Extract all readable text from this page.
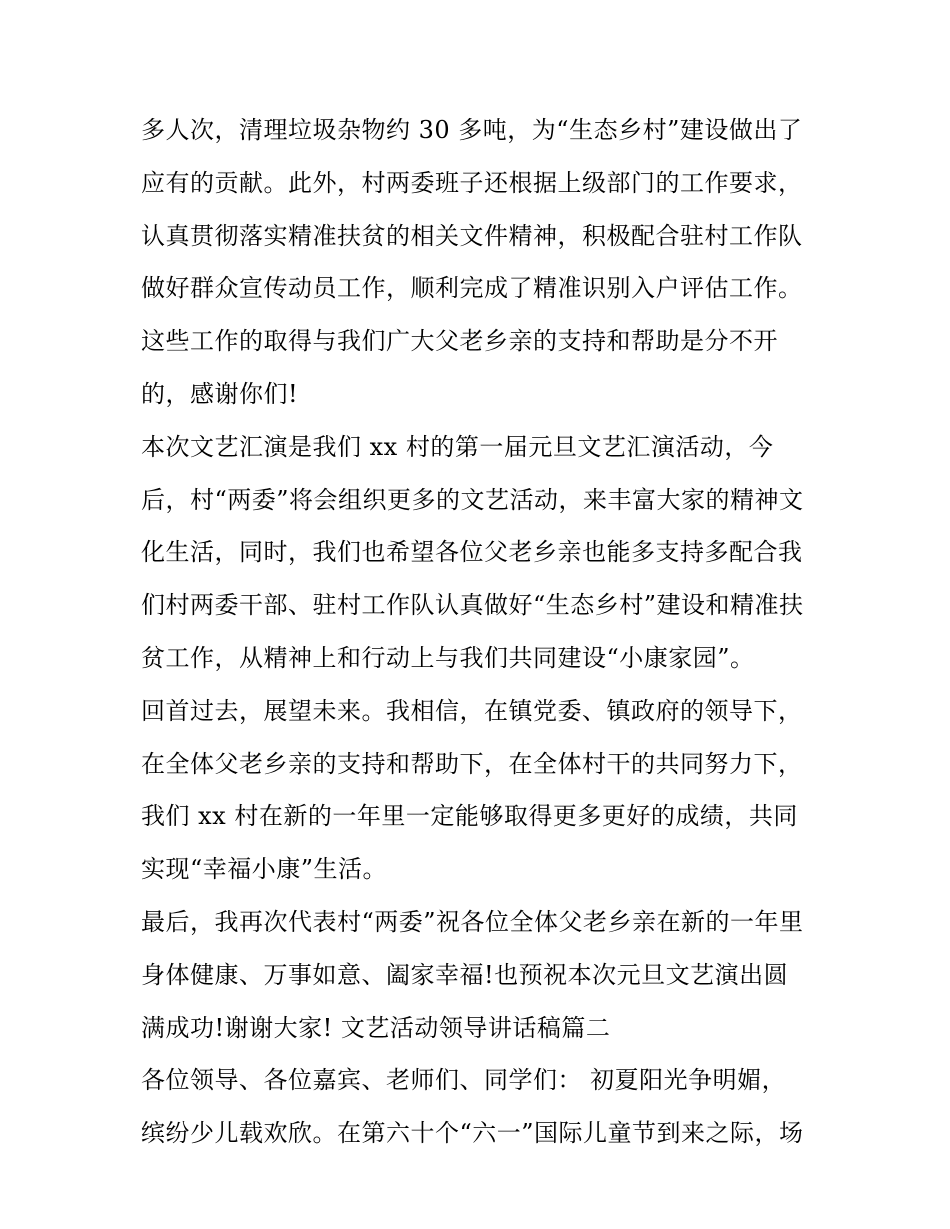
多人次，清理垃圾杂物约 30 多吨，为“生态乡村”建设做出了
应有的贡献。此外，村两委班子还根据上级部门的工作要求，
认真贯彻落实精准扶贫的相关文件精神，积极配合驻村工作队
做好群众宣传动员工作，顺利完成了精准识别入户评估工作。
这些工作的取得与我们广大父老乡亲的支持和帮助是分不开
的，感谢你们!
本次文艺汇演是我们 xx 村的第一届元旦文艺汇演活动，今
后，村“两委”将会组织更多的文艺活动，来丰富大家的精神文
化生活，同时，我们也希望各位父老乡亲也能多支持多配合我
们村两委干部、驻村工作队认真做好“生态乡村”建设和精准扶
贫工作，从精神上和行动上与我们共同建设“小康家园”。
回首过去，展望未来。我相信，在镇党委、镇政府的领导下，
在全体父老乡亲的支持和帮助下，在全体村干的共同努力下，
我们 xx 村在新的一年里一定能够取得更多更好的成绩，共同
实现“幸福小康”生活。
最后，我再次代表村“两委”祝各位全体父老乡亲在新的一年里
身体健康、万事如意、阖家幸福!也预祝本次元旦文艺演出圆
满成功!谢谢大家! 文艺活动领导讲话稿篇二
各位领导、各位嘉宾、老师们、同学们： 初夏阳光争明媚，
缤纷少儿载欢欣。在第六十个“六一”国际儿童节到来之际，场
